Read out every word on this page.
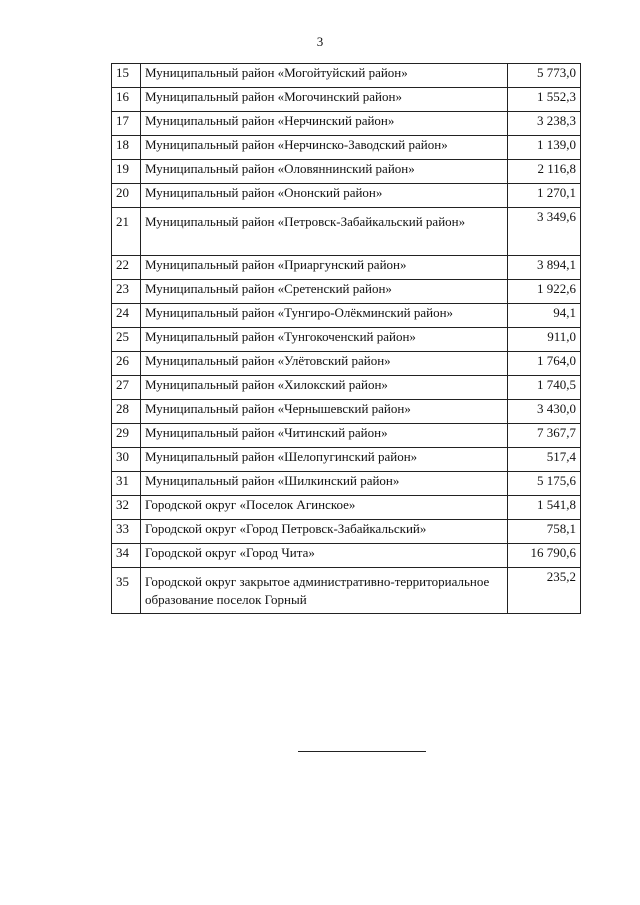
3
15	Муниципальный район «Могойтуйский район»	5 773,0
16	Муниципальный район «Могочинский район»	1 552,3
17	Муниципальный район «Нерчинский район»	3 238,3
18	Муниципальный район «Нерчинско-Заводский район»	1 139,0
19	Муниципальный район «Оловяннинский район»	2 116,8
20	Муниципальный район «Ононский район»	1 270,1
21	Муниципальный район «Петровск-Забайкальский район»	3 349,6
22	Муниципальный район «Приаргунский район»	3 894,1
23	Муниципальный район «Сретенский район»	1 922,6
24	Муниципальный район «Тунгиро-Олёкминский район»	94,1
25	Муниципальный район «Тунгокоченский район»	911,0
26	Муниципальный район «Улётовский район»	1 764,0
27	Муниципальный район «Хилокский район»	1 740,5
28	Муниципальный район «Чернышевский район»	3 430,0
29	Муниципальный район «Читинский район»	7 367,7
30	Муниципальный район «Шелопугинский район»	517,4
31	Муниципальный район «Шилкинский район»	5 175,6
32	Городской округ «Поселок Агинское»	1 541,8
33	Городской округ «Город Петровск-Забайкальский»	758,1
34	Городской округ «Город Чита»	16 790,6
35	Городской округ закрытое административно-территориальное образование поселок Горный	235,2
